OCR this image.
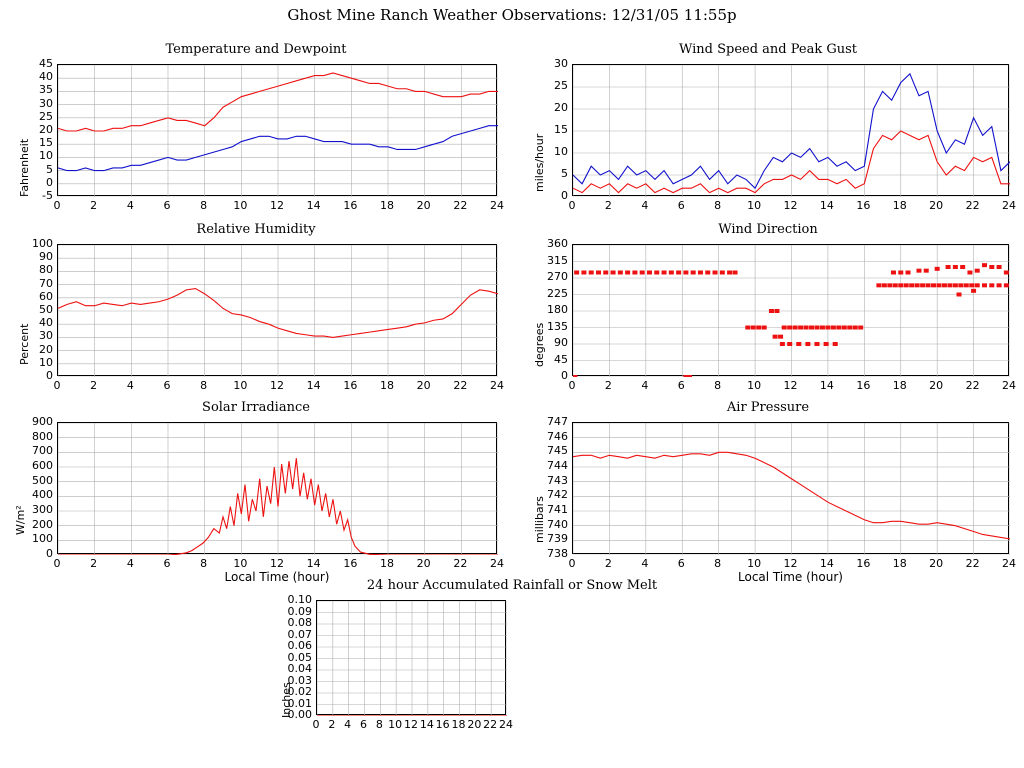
Ghost Mine Ranch Weather Observations: 12/31/05 11:55p
Temperature and Dewpoint
Fahrenheit	-5
0
5
10
15
20
25
30
35
40
45
0	2	4	6	8	10 12 14 16 18 20 22 24
Wind Speed and Peak Gust
miles/hour
0
5
10
15
20
25
30
0	2	4	6	8	10 12 14 16 18 20 22 24
Relative Humidity
Percent
0
10
20
30
40
50
60
70
80
90
100
0	2	4	6	8	10 12 14 16 18 20 22 24
Wind Direction
degrees
0
45
90
135
180
225
270
315
360
0	2	4	6	8	10 12 14 16 18 20 22 24
Solar Irradiance
W/m²
Local Time (hour)
0
100
200
300
400
500
600
700
800
900
0	2	4	6	8	10 12 14 16 18 20 22 24
Air Pressure
millibars
Local Time (hour)
738
739
740
741
742
743
744
745
746
747
0	2	4	6	8	10 12 14 16 18 20 22 24
24 hour Accumulated Rainfall or Snow Melt
Inches
0.00
0.01
0.02
0.03
0.04
0.05
0.06
0.07
0.08
0.09
0.10
0 2 4 6 8 10 12 14 16 18 20 22 24
